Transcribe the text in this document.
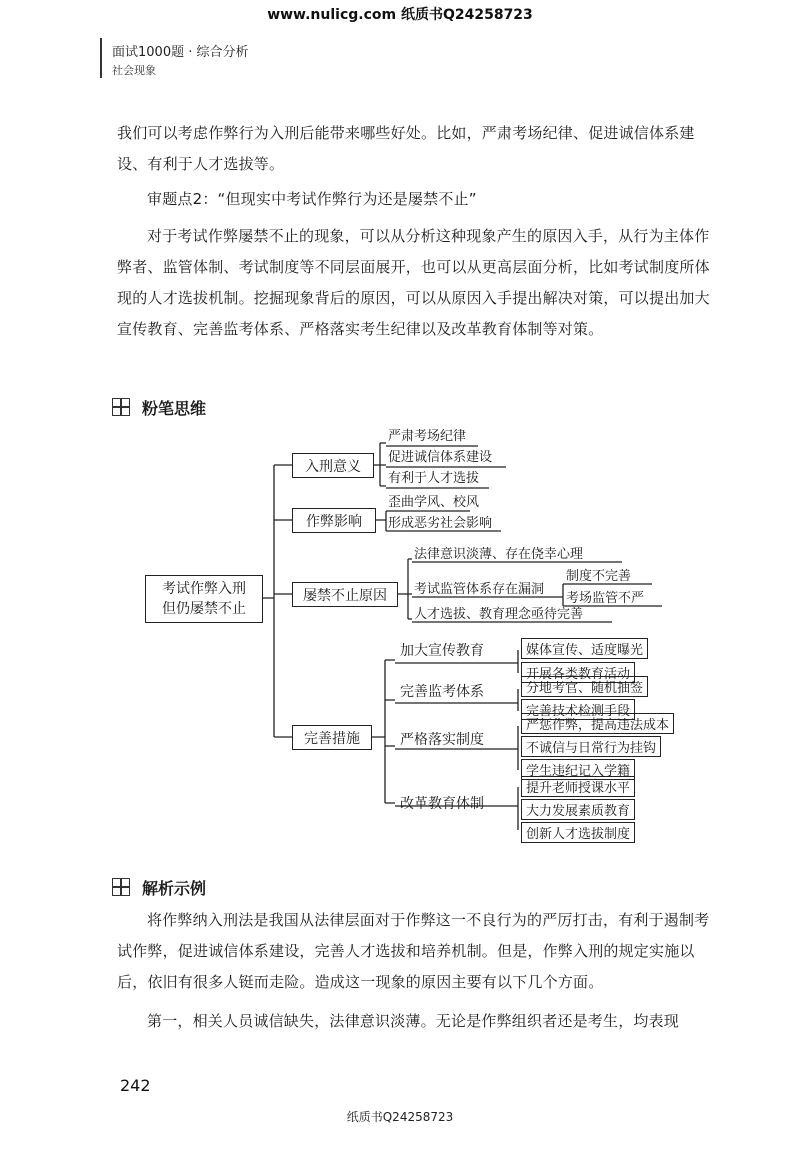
www.nulicg.com 纸质书Q24258723
面试1000题 · 综合分析
社会现象

我们可以考虑作弊行为入刑后能带来哪些好处。比如，严肃考场纪律、促进诚信体系建设、有利于人才选拔等。

审题点2：“但现实中考试作弊行为还是屡禁不止”

对于考试作弊屡禁不止的现象，可以从分析这种现象产生的原因入手，从行为主体作弊者、监管体制、考试制度等不同层面展开，也可以从更高层面分析，比如考试制度所体现的人才选拔机制。挖掘现象背后的原因，可以从原因入手提出解决对策，可以提出加大宣传教育、完善监考体系、严格落实考生纪律以及改革教育体制等对策。

粉笔思维
考试作弊入刑
但仍屡禁不止
入刑意义
严肃考场纪律
促进诚信体系建设
有利于人才选拔
作弊影响
歪曲学风、校风
形成恶劣社会影响
屡禁不止原因
法律意识淡薄、存在侥幸心理
考试监管体系存在漏洞
制度不完善
考场监管不严
人才选拔、教育理念亟待完善
完善措施
加大宣传教育	媒体宣传、适度曝光
开展各类教育活动
完善监考体系	分地考官、随机抽签
完善技术检测手段
严格落实制度
严惩作弊，提高违法成本
不诚信与日常行为挂钩
学生违纪记入学籍
改革教育体制
提升老师授课水平
大力发展素质教育
创新人才选拔制度
解析示例

将作弊纳入刑法是我国从法律层面对于作弊这一不良行为的严厉打击，有利于遏制考试作弊，促进诚信体系建设，完善人才选拔和培养机制。但是，作弊入刑的规定实施以后，依旧有很多人铤而走险。造成这一现象的原因主要有以下几个方面。

第一，相关人员诚信缺失，法律意识淡薄。无论是作弊组织者还是考生，均表现

242
纸质书Q24258723
